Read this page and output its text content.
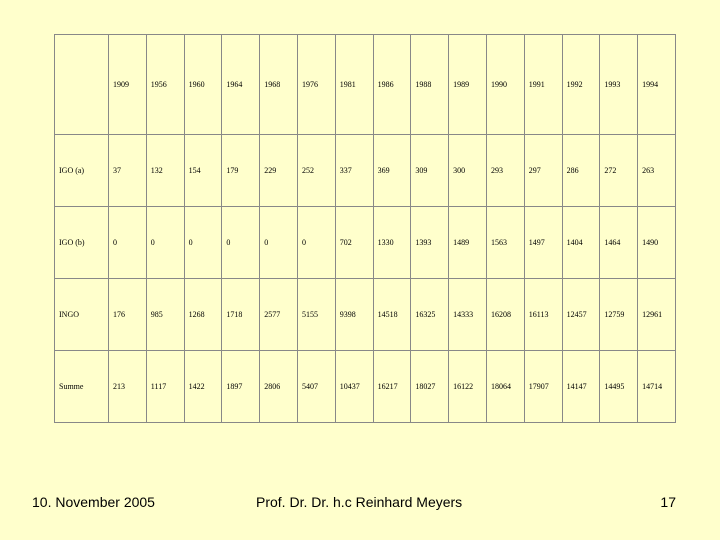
	1909	1956	1960	1964	1968	1976	1981	1986	1988	1989	1990	1991	1992	1993	1994
IGO (a)	37	132	154	179	229	252	337	369	309	300	293	297	286	272	263
IGO (b)	0	0	0	0	0	0	702	1330	1393	1489	1563	1497	1404	1464	1490
INGO	176	985	1268	1718	2577	5155	9398	14518	16325	14333	16208	16113	12457	12759	12961
Summe	213	1117	1422	1897	2806	5407	10437	16217	18027	16122	18064	17907	14147	14495	14714
10. November 2005	Prof. Dr. Dr. h.c Reinhard Meyers	17
